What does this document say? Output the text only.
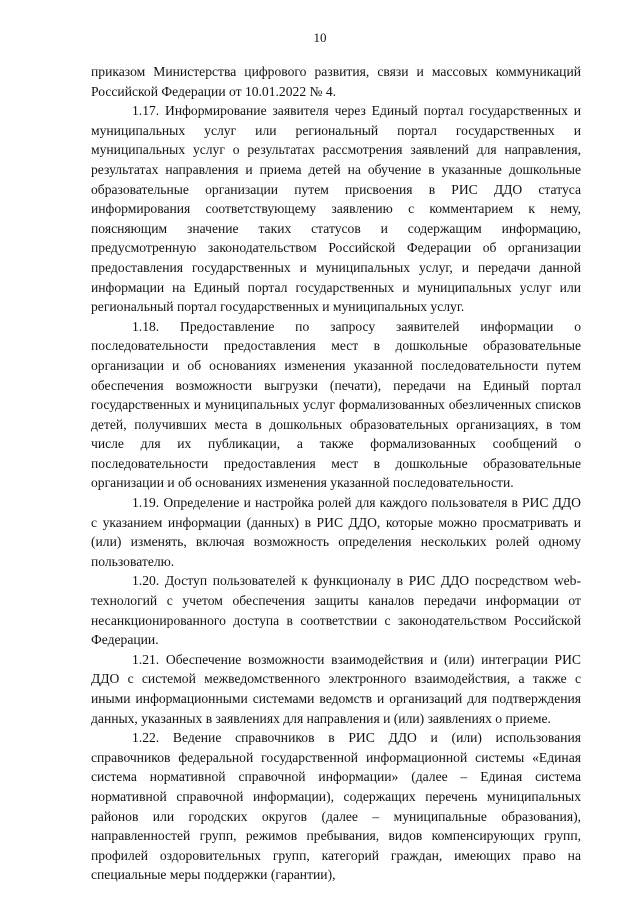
10

приказом Министерства цифрового развития, связи и массовых коммуникаций Российской Федерации от 10.01.2022 № 4.

1.17. Информирование заявителя через Единый портал государственных и муниципальных услуг или региональный портал государственных и муниципальных услуг о результатах рассмотрения заявлений для направления, результатах направления и приема детей на обучение в указанные дошкольные образовательные организации путем присвоения в РИС ДДО статуса информирования соответствующему заявлению с комментарием к нему, поясняющим значение таких статусов и содержащим информацию, предусмотренную законодательством Российской Федерации об организации предоставления государственных и муниципальных услуг, и передачи данной информации на Единый портал государственных и муниципальных услуг или региональный портал государственных и муниципальных услуг.

1.18. Предоставление по запросу заявителей информации о последовательности предоставления мест в дошкольные образовательные организации и об основаниях изменения указанной последовательности путем обеспечения возможности выгрузки (печати), передачи на Единый портал государственных и муниципальных услуг формализованных обезличенных списков детей, получивших места в дошкольных образовательных организациях, в том числе для их публикации, а также формализованных сообщений о последовательности предоставления мест в дошкольные образовательные организации и об основаниях изменения указанной последовательности.

1.19. Определение и настройка ролей для каждого пользователя в РИС ДДО с указанием информации (данных) в РИС ДДО, которые можно просматривать и (или) изменять, включая возможность определения нескольких ролей одному пользователю.

1.20. Доступ пользователей к функционалу в РИС ДДО посредством web-технологий с учетом обеспечения защиты каналов передачи информации от несанкционированного доступа в соответствии с законодательством Российской Федерации.

1.21. Обеспечение возможности взаимодействия и (или) интеграции РИС ДДО с системой межведомственного электронного взаимодействия, а также с иными информационными системами ведомств и организаций для подтверждения данных, указанных в заявлениях для направления и (или) заявлениях о приеме.

1.22. Ведение справочников в РИС ДДО и (или) использования справочников федеральной государственной информационной системы «Единая система нормативной справочной информации» (далее – Единая система нормативной справочной информации), содержащих перечень муниципальных районов или городских округов (далее – муниципальные образования), направленностей групп, режимов пребывания, видов компенсирующих групп, профилей оздоровительных групп, категорий граждан, имеющих право на специальные меры поддержки (гарантии),
